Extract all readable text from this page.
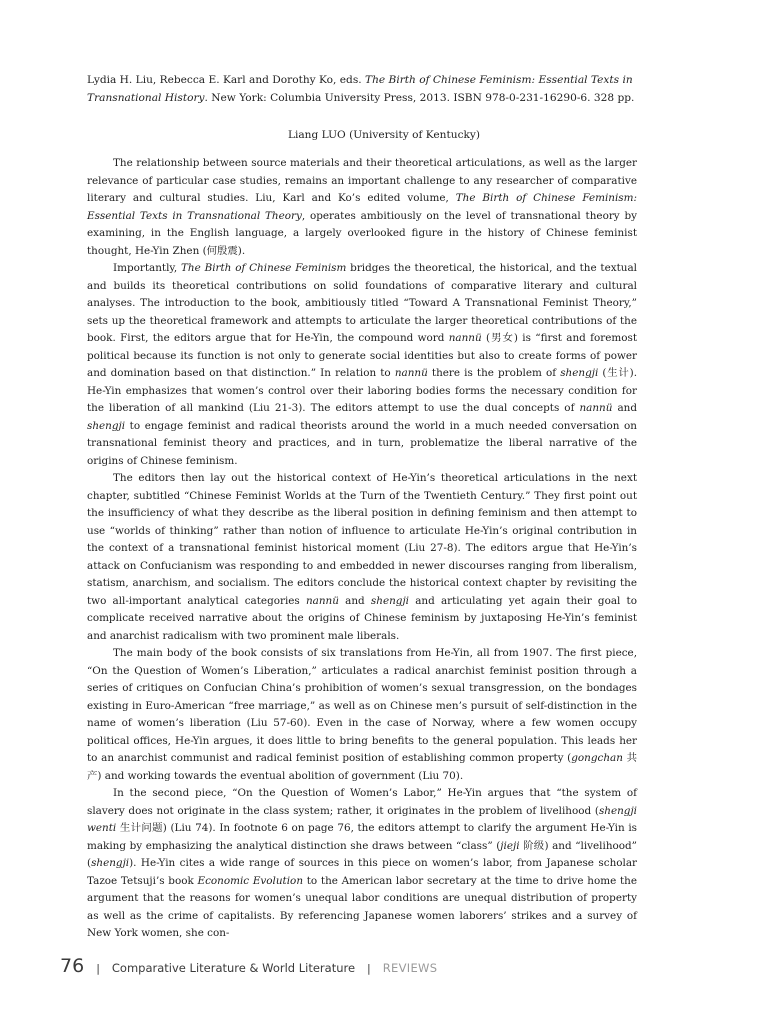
Lydia H. Liu, Rebecca E. Karl and Dorothy Ko, eds. The Birth of Chinese Feminism: Essential Texts in Transnational History. New York: Columbia University Press, 2013. ISBN 978-0-231-16290-6. 328 pp.

Liang LUO (University of Kentucky)

The relationship between source materials and their theoretical articulations, as well as the larger relevance of particular case studies, remains an important challenge to any researcher of comparative literary and cultural studies. Liu, Karl and Ko’s edited volume, The Birth of Chinese Feminism: Essential Texts in Transnational Theory, operates ambitiously on the level of transnational theory by examining, in the English language, a largely overlooked figure in the history of Chinese feminist thought, He-Yin Zhen (何殷震).

Importantly, The Birth of Chinese Feminism bridges the theoretical, the historical, and the textual and builds its theoretical contributions on solid foundations of comparative literary and cultural analyses. The introduction to the book, ambitiously titled “Toward A Transnational Feminist Theory,” sets up the theoretical framework and attempts to articulate the larger theoretical contributions of the book. First, the editors argue that for He-Yin, the compound word nannü (男女) is “first and foremost political because its function is not only to generate social identities but also to create forms of power and domination based on that distinction.” In relation to nannü there is the problem of shengji (生计). He-Yin emphasizes that women’s control over their laboring bodies forms the necessary condition for the liberation of all mankind (Liu 21-3). The editors attempt to use the dual concepts of nannü and shengji to engage feminist and radical theorists around the world in a much needed conversation on transnational feminist theory and practices, and in turn, problematize the liberal narrative of the origins of Chinese feminism.

The editors then lay out the historical context of He-Yin’s theoretical articulations in the next chapter, subtitled “Chinese Feminist Worlds at the Turn of the Twentieth Century.” They first point out the insufficiency of what they describe as the liberal position in defining feminism and then attempt to use “worlds of thinking” rather than notion of influence to articulate He-Yin’s original contribution in the context of a transnational feminist historical moment (Liu 27-8). The editors argue that He-Yin’s attack on Confucianism was responding to and embedded in newer discourses ranging from liberalism, statism, anarchism, and socialism. The editors conclude the historical context chapter by revisiting the two all-important analytical categories nannü and shengji and articulating yet again their goal to complicate received narrative about the origins of Chinese feminism by juxtaposing He-Yin’s feminist and anarchist radicalism with two prominent male liberals.

The main body of the book consists of six translations from He-Yin, all from 1907. The first piece, “On the Question of Women’s Liberation,” articulates a radical anarchist feminist position through a series of critiques on Confucian China’s prohibition of women’s sexual transgression, on the bondages existing in Euro-American “free marriage,” as well as on Chinese men’s pursuit of self-distinction in the name of women’s liberation (Liu 57-60). Even in the case of Norway, where a few women occupy political offices, He-Yin argues, it does little to bring benefits to the general population. This leads her to an anarchist communist and radical feminist position of establishing common property (gongchan 共产) and working towards the eventual abolition of government (Liu 70).

In the second piece, “On the Question of Women’s Labor,” He-Yin argues that “the system of slavery does not originate in the class system; rather, it originates in the problem of livelihood (shengji wenti 生计问题) (Liu 74). In footnote 6 on page 76, the editors attempt to clarify the argument He-Yin is making by emphasizing the analytical distinction she draws between “class” (jieji 阶级) and “livelihood” (shengji). He-Yin cites a wide range of sources in this piece on women’s labor, from Japanese scholar Tazoe Tetsuji’s book Economic Evolution to the American labor secretary at the time to drive home the argument that the reasons for women’s unequal labor conditions are unequal distribution of property as well as the crime of capitalists. By referencing Japanese women laborers’ strikes and a survey of New York women, she con-

76 | Comparative Literature & World Literature | REVIEWS
